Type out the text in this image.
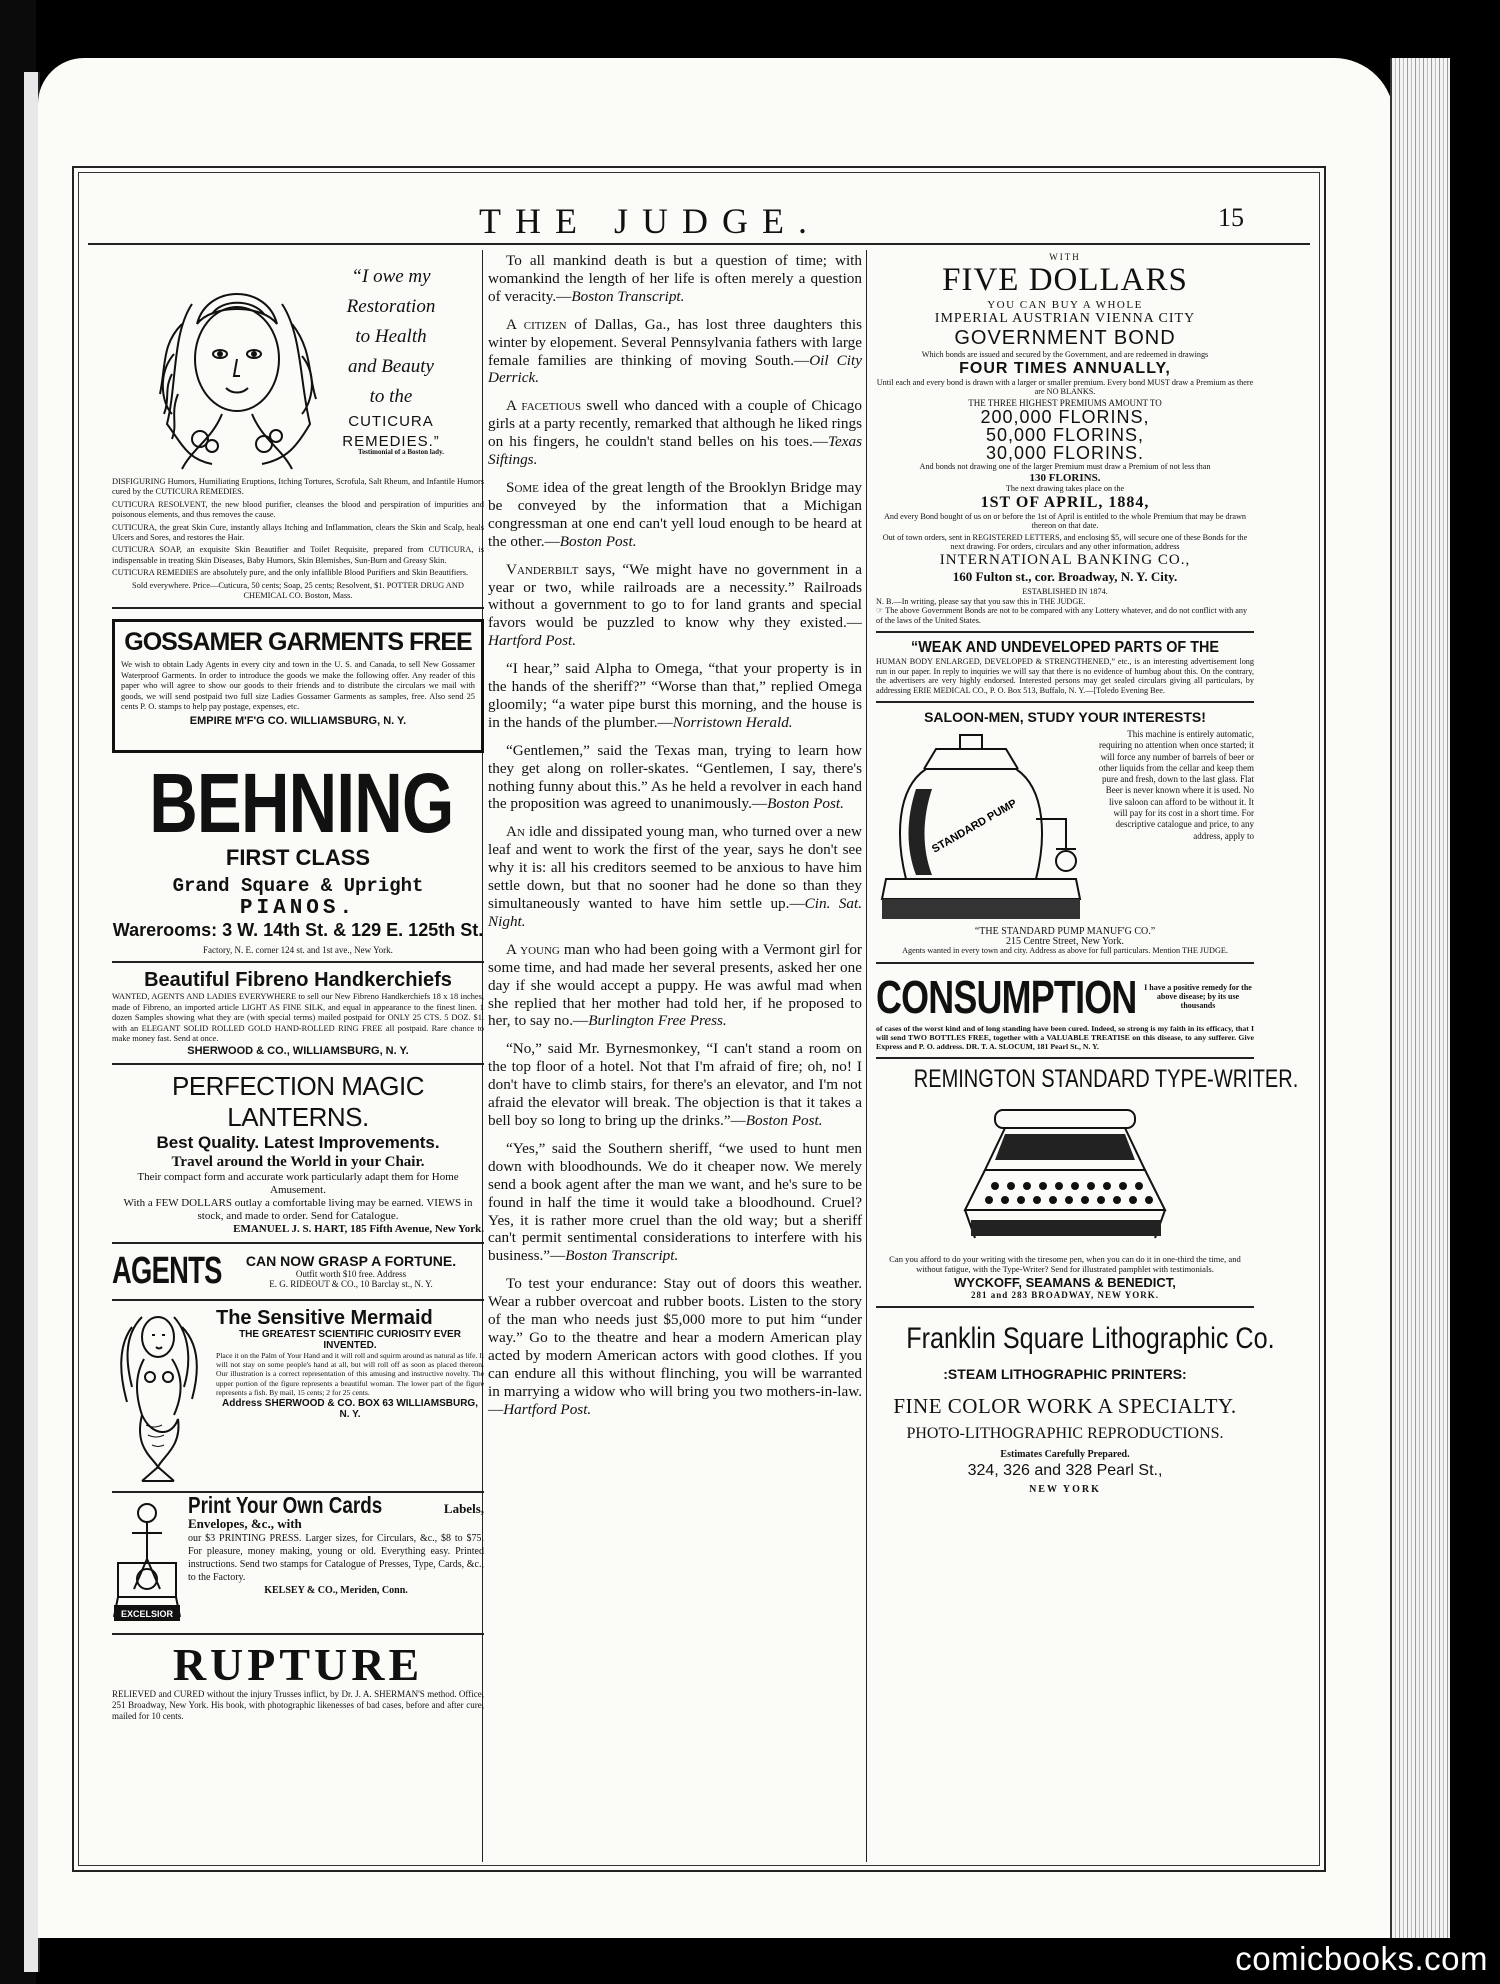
THE JUDGE.	15
“I owe my
Restoration
to Health
and Beauty
to the
CUTICURA REMEDIES.”
Testimonial of a Boston lady.

DISFIGURING Humors, Humiliating Eruptions, Itching Tortures, Scrofula, Salt Rheum, and Infantile Humors cured by the CUTICURA REMEDIES.

CUTICURA RESOLVENT, the new blood purifier, cleanses the blood and perspiration of impurities and poisonous elements, and thus removes the cause.

CUTICURA, the great Skin Cure, instantly allays Itching and Inflammation, clears the Skin and Scalp, heals Ulcers and Sores, and restores the Hair.

CUTICURA SOAP, an exquisite Skin Beautifier and Toilet Requisite, prepared from CUTICURA, is indispensable in treating Skin Diseases, Baby Humors, Skin Blemishes, Sun-Burn and Greasy Skin.

CUTICURA REMEDIES are absolutely pure, and the only infallible Blood Purifiers and Skin Beautifiers.

Sold everywhere. Price—Cuticura, 50 cents; Soap, 25 cents; Resolvent, $1. POTTER DRUG AND CHEMICAL CO. Boston, Mass.

GOSSAMER GARMENTS FREE
We wish to obtain Lady Agents in every city and town in the U. S. and Canada, to sell New Gossamer Waterproof Garments. In order to introduce the goods we make the following offer. Any reader of this paper who will agree to show our goods to their friends and to distribute the circulars we mail with goods, we will send postpaid two full size Ladies Gossamer Garments as samples, free. Also send 25 cents P. O. stamps to help pay postage, expenses, etc.
EMPIRE M'F'G CO. WILLIAMSBURG, N. Y.
BEHNING
FIRST CLASS
Grand Square & Upright
PIANOS.
Warerooms: 3 W. 14th St. & 129 E. 125th St.
Factory, N. E. corner 124 st. and 1st ave., New York.
Beautiful Fibreno Handkerchiefs
WANTED, AGENTS AND LADIES EVERYWHERE to sell our New Fibreno Handkerchiefs 18 x 18 inches, made of Fibreno, an imported article LIGHT AS FINE SILK, and equal in appearance to the finest linen. 1 dozen Samples showing what they are (with special terms) mailed postpaid for ONLY 25 CTS. 5 DOZ. $1. with an ELEGANT SOLID ROLLED GOLD HAND-ROLLED RING FREE all postpaid. Rare chance to make money fast. Send at once.
SHERWOOD & CO., WILLIAMSBURG, N. Y.
PERFECTION MAGIC LANTERNS.
Best Quality. Latest Improvements.
Travel around the World in your Chair.
Their compact form and accurate work particularly adapt them for Home Amusement.
With a FEW DOLLARS outlay a comfortable living may be earned. VIEWS in stock, and made to order. Send for Catalogue.
EMANUEL J. S. HART, 185 Fifth Avenue, New York.
AGENTS	CAN NOW GRASP A FORTUNE.
Outfit worth $10 free. Address
E. G. RIDEOUT & CO., 10 Barclay st., N. Y.
The Sensitive Mermaid
THE GREATEST SCIENTIFIC CURIOSITY EVER INVENTED.
Place it on the Palm of Your Hand and it will roll and squirm around as natural as life. It will not stay on some people's hand at all, but will roll off as soon as placed thereon. Our illustration is a correct representation of this amusing and instructive novelty. The upper portion of the figure represents a beautiful woman. The lower part of the figure represents a fish. By mail, 15 cents; 2 for 25 cents.
Address SHERWOOD & CO. BOX 63 WILLIAMSBURG, N. Y.
EXCELSIOR
Print Your Own Cards	Labels, Envelopes, &c., with
our $3 PRINTING PRESS. Larger sizes, for Circulars, &c., $8 to $75. For pleasure, money making, young or old. Everything easy. Printed instructions. Send two stamps for Catalogue of Presses, Type, Cards, &c., to the Factory.
KELSEY & CO., Meriden, Conn.
RUPTURE
RELIEVED and CURED without the injury Trusses inflict, by Dr. J. A. SHERMAN'S method. Office, 251 Broadway, New York. His book, with photographic likenesses of bad cases, before and after cure, mailed for 10 cents.

To all mankind death is but a question of time; with womankind the length of her life is often merely a question of veracity.—Boston Transcript.

A citizen of Dallas, Ga., has lost three daughters this winter by elopement. Several Pennsylvania fathers with large female families are thinking of moving South.—Oil City Derrick.

A facetious swell who danced with a couple of Chicago girls at a party recently, remarked that although he liked rings on his fingers, he couldn't stand belles on his toes.—Texas Siftings.

Some idea of the great length of the Brooklyn Bridge may be conveyed by the information that a Michigan congressman at one end can't yell loud enough to be heard at the other.—Boston Post.

Vanderbilt says, “We might have no government in a year or two, while railroads are a necessity.” Railroads without a government to go to for land grants and special favors would be puzzled to know why they existed.—Hartford Post.

“I hear,” said Alpha to Omega, “that your property is in the hands of the sheriff?” “Worse than that,” replied Omega gloomily; “a water pipe burst this morning, and the house is in the hands of the plumber.—Norristown Herald.

“Gentlemen,” said the Texas man, trying to learn how they get along on roller-skates. “Gentlemen, I say, there's nothing funny about this.” As he held a revolver in each hand the proposition was agreed to unanimously.—Boston Post.

An idle and dissipated young man, who turned over a new leaf and went to work the first of the year, says he don't see why it is: all his creditors seemed to be anxious to have him settle down, but that no sooner had he done so than they simultaneously wanted to have him settle up.—Cin. Sat. Night.

A young man who had been going with a Vermont girl for some time, and had made her several presents, asked her one day if she would accept a puppy. He was awful mad when she replied that her mother had told her, if he proposed to her, to say no.—Burlington Free Press.

“No,” said Mr. Byrnesmonkey, “I can't stand a room on the top floor of a hotel. Not that I'm afraid of fire; oh, no! I don't have to climb stairs, for there's an elevator, and I'm not afraid the elevator will break. The objection is that it takes a bell boy so long to bring up the drinks.”—Boston Post.

“Yes,” said the Southern sheriff, “we used to hunt men down with bloodhounds. We do it cheaper now. We merely send a book agent after the man we want, and he's sure to be found in half the time it would take a bloodhound. Cruel? Yes, it is rather more cruel than the old way; but a sheriff can't permit sentimental considerations to interfere with his business.”—Boston Transcript.

To test your endurance: Stay out of doors this weather. Wear a rubber overcoat and rubber boots. Listen to the story of the man who needs just $5,000 more to put him “under way.” Go to the theatre and hear a modern American play acted by modern American actors with good clothes. If you can endure all this without flinching, you will be warranted in marrying a widow who will bring you two mothers-in-law.—Hartford Post.

WITH
FIVE DOLLARS
YOU CAN BUY A WHOLE
IMPERIAL AUSTRIAN VIENNA CITY
GOVERNMENT BOND
Which bonds are issued and secured by the Government, and are redeemed in drawings
FOUR TIMES ANNUALLY,
Until each and every bond is drawn with a larger or smaller premium. Every bond MUST draw a Premium as there are NO BLANKS.
THE THREE HIGHEST PREMIUMS AMOUNT TO
200,000 FLORINS,
50,000 FLORINS,
30,000 FLORINS.
And bonds not drawing one of the larger Premium must draw a Premium of not less than
130 FLORINS.
The next drawing takes place on the
1ST OF APRIL, 1884,
And every Bond bought of us on or before the 1st of April is entitled to the whole Premium that may be drawn thereon on that date.
Out of town orders, sent in REGISTERED LETTERS, and enclosing $5, will secure one of these Bonds for the next drawing. For orders, circulars and any other information, address
INTERNATIONAL BANKING CO.,
160 Fulton st., cor. Broadway, N. Y. City.
ESTABLISHED IN 1874.
N. B.—In writing, please say that you saw this in THE JUDGE.
☞ The above Government Bonds are not to be compared with any Lottery whatever, and do not conflict with any of the laws of the United States.
“WEAK AND UNDEVELOPED PARTS OF THE
HUMAN BODY ENLARGED, DEVELOPED & STRENGTHENED,” etc., is an interesting advertisement long run in our paper. In reply to inquiries we will say that there is no evidence of humbug about this. On the contrary, the advertisers are very highly endorsed. Interested persons may get sealed circulars giving all particulars, by addressing ERIE MEDICAL CO., P. O. Box 513, Buffalo, N. Y.—[Toledo Evening Bee.
SALOON-MEN, STUDY YOUR INTERESTS!
STANDARD PUMP
This machine is entirely automatic, requiring no attention when once started; it will force any number of barrels of beer or other liquids from the cellar and keep them pure and fresh, down to the last glass. Flat Beer is never known where it is used. No live saloon can afford to be without it. It will pay for its cost in a short time. For descriptive catalogue and price, to any address, apply to
“THE STANDARD PUMP MANUF'G CO.”
215 Centre Street, New York.
Agents wanted in every town and city. Address as above for full particulars. Mention THE JUDGE.
CONSUMPTION I have a positive remedy for the above disease; by its use thousands
of cases of the worst kind and of long standing have been cured. Indeed, so strong is my faith in its efficacy, that I will send TWO BOTTLES FREE, together with a VALUABLE TREATISE on this disease, to any sufferer. Give Express and P. O. address. DR. T. A. SLOCUM, 181 Pearl St., N. Y.
REMINGTON STANDARD TYPE-WRITER.
Can you afford to do your writing with the tiresome pen, when you can do it in one-third the time, and without fatigue, with the Type-Writer? Send for illustrated pamphlet with testimonials.
WYCKOFF, SEAMANS & BENEDICT,
281 and 283 BROADWAY, NEW YORK.
Franklin Square Lithographic Co.
:STEAM LITHOGRAPHIC PRINTERS:
FINE COLOR WORK A SPECIALTY.
PHOTO-LITHOGRAPHIC REPRODUCTIONS.
Estimates Carefully Prepared.
324, 326 and 328 Pearl St.,
NEW YORK
comicbooks.com
